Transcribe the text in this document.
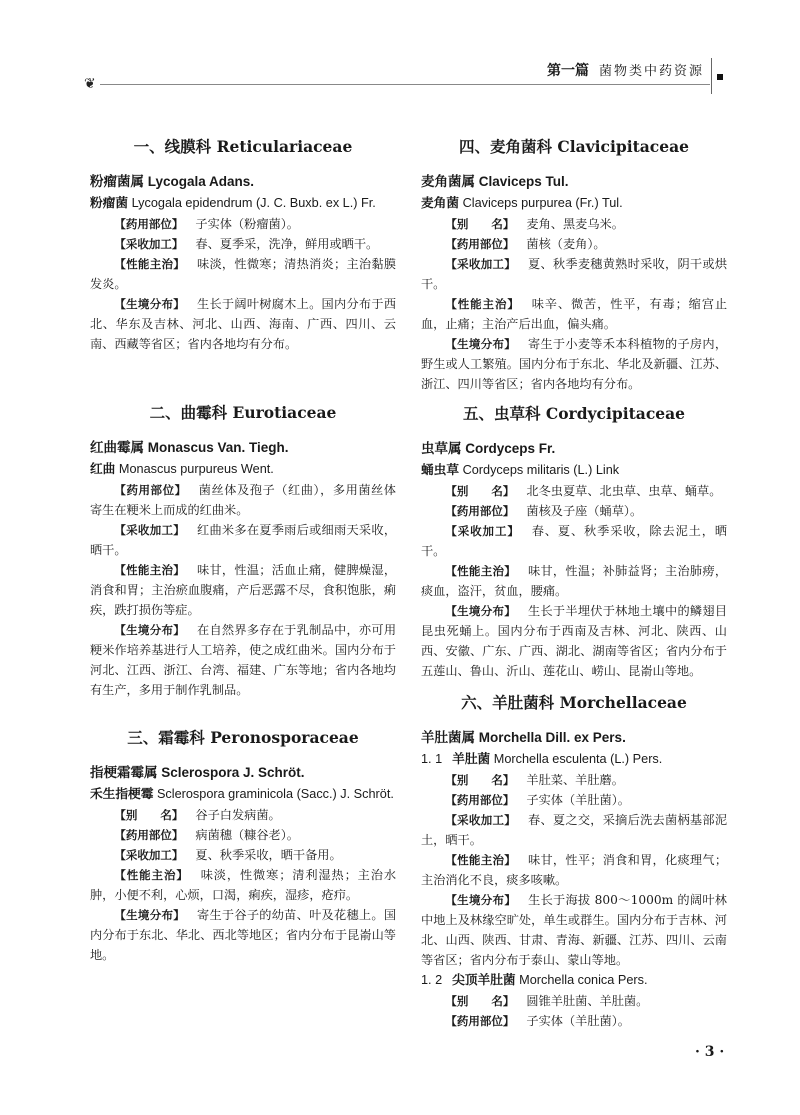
❦
第一篇 菌物类中药资源
一、线膜科 Reticulariaceae

粉瘤菌属 Lycogala Adans.

粉瘤菌 Lycogala epidendrum (J. C. Buxb. ex L.) Fr.

【药用部位】 子实体（粉瘤菌）。

【采收加工】 春、夏季采，洗净，鲜用或晒干。

【性能主治】 味淡，性微寒；清热消炎；主治黏膜发炎。

【生境分布】 生长于阔叶树腐木上。国内分布于西北、华东及吉林、河北、山西、海南、广西、四川、云南、西藏等省区；省内各地均有分布。

二、曲霉科 Eurotiaceae

红曲霉属 Monascus Van. Tiegh.

红曲 Monascus purpureus Went.

【药用部位】 菌丝体及孢子（红曲），多用菌丝体寄生在粳米上而成的红曲米。

【采收加工】 红曲米多在夏季雨后或细雨天采收，晒干。

【性能主治】 味甘，性温；活血止痛，健脾燥湿，消食和胃；主治瘀血腹痛，产后恶露不尽，食积饱胀，痢疾，跌打损伤等症。

【生境分布】 在自然界多存在于乳制品中，亦可用粳米作培养基进行人工培养，使之成红曲米。国内分布于河北、江西、浙江、台湾、福建、广东等地；省内各地均有生产，多用于制作乳制品。

三、霜霉科 Peronosporaceae

指梗霜霉属 Sclerospora J. Schröt.

禾生指梗霉 Sclerospora graminicola (Sacc.) J. Schröt.

【别　　名】 谷子白发病菌。

【药用部位】 病菌穗（糠谷老）。

【采收加工】 夏、秋季采收，晒干备用。

【性能主治】 味淡，性微寒；清利湿热；主治水肿，小便不利，心烦，口渴，痢疾，湿疹，疮疖。

【生境分布】 寄生于谷子的幼苗、叶及花穗上。国内分布于东北、华北、西北等地区；省内分布于昆嵛山等地。

四、麦角菌科 Clavicipitaceae

麦角菌属 Claviceps Tul.

麦角菌 Claviceps purpurea (Fr.) Tul.

【别　　名】 麦角、黑麦乌米。

【药用部位】 菌核（麦角）。

【采收加工】 夏、秋季麦穗黄熟时采收，阴干或烘干。

【性能主治】 味辛、微苦，性平，有毒；缩宫止血，止痛；主治产后出血，偏头痛。

【生境分布】 寄生于小麦等禾本科植物的子房内，野生或人工繁殖。国内分布于东北、华北及新疆、江苏、浙江、四川等省区；省内各地均有分布。

五、虫草科 Cordycipitaceae

虫草属 Cordyceps Fr.

蛹虫草 Cordyceps militaris (L.) Link

【别　　名】 北冬虫夏草、北虫草、虫草、蛹草。

【药用部位】 菌核及子座（蛹草）。

【采收加工】 春、夏、秋季采收，除去泥土，晒干。

【性能主治】 味甘，性温；补肺益肾；主治肺痨，痰血，盗汗，贫血，腰痛。

【生境分布】 生长于半埋伏于林地土壤中的鳞翅目昆虫死蛹上。国内分布于西南及吉林、河北、陕西、山西、安徽、广东、广西、湖北、湖南等省区；省内分布于五莲山、鲁山、沂山、莲花山、崂山、昆嵛山等地。

六、羊肚菌科 Morchellaceae

羊肚菌属 Morchella Dill. ex Pers.

1. 1 羊肚菌 Morchella esculenta (L.) Pers.

【别　　名】 羊肚菜、羊肚蘑。

【药用部位】 子实体（羊肚菌）。

【采收加工】 春、夏之交，采摘后洗去菌柄基部泥土，晒干。

【性能主治】 味甘，性平；消食和胃，化痰理气；主治消化不良，痰多咳嗽。

【生境分布】 生长于海拔 800～1000m 的阔叶林中地上及林缘空旷处，单生或群生。国内分布于吉林、河北、山西、陕西、甘肃、青海、新疆、江苏、四川、云南等省区；省内分布于泰山、蒙山等地。

1. 2 尖顶羊肚菌 Morchella conica Pers.

【别　　名】 圆锥羊肚菌、羊肚菌。

【药用部位】 子实体（羊肚菌）。

· 3 ·
